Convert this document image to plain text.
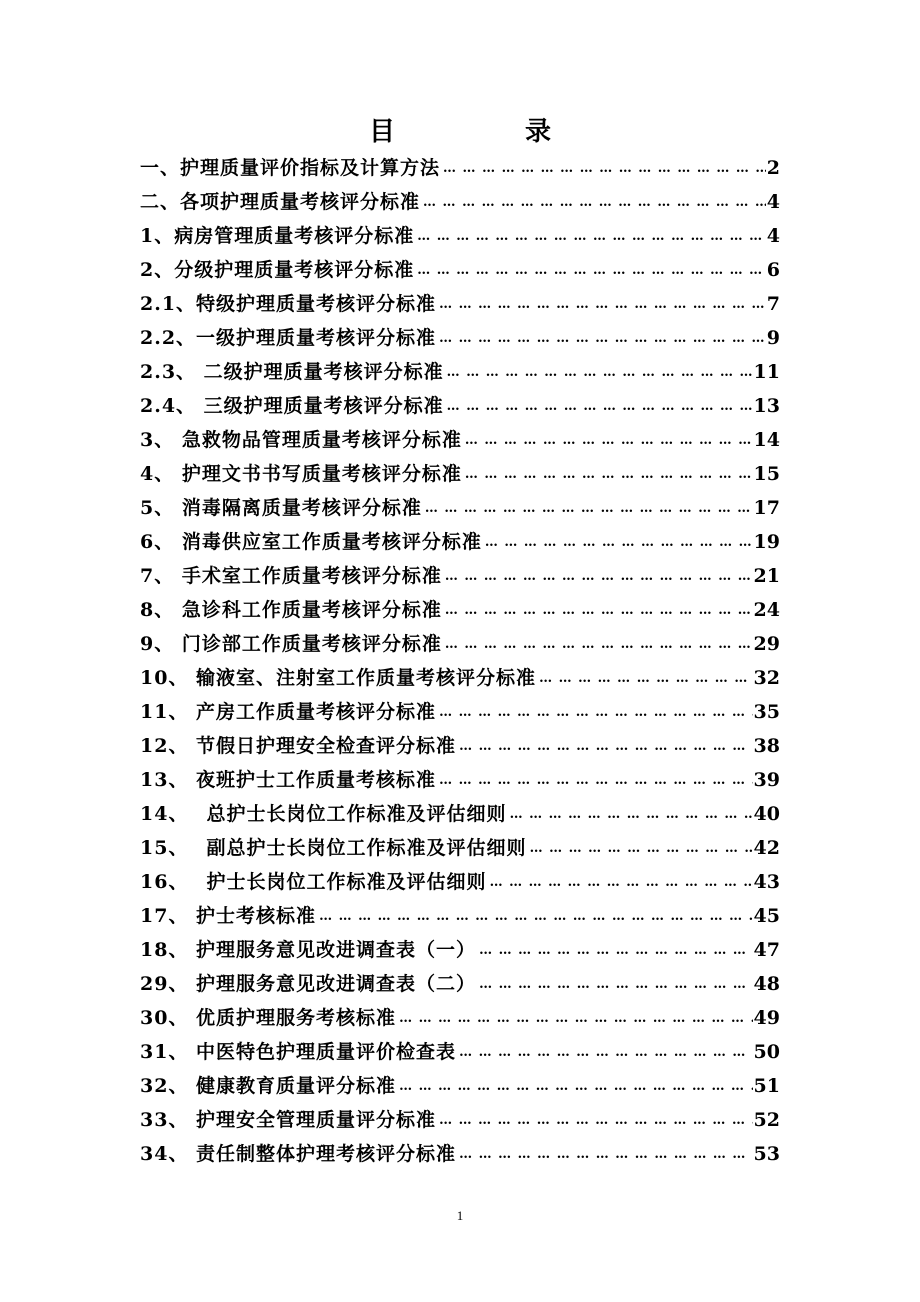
目　录
一、护理质量评价指标及计算方法 … … … … … … … … … … … … … … … … … … … … … … … … … … … … … … … … … … … … … … … … … … … … … … … … … … … … … … … … … … … …	2
二、各项护理质量考核评分标准 … … … … … … … … … … … … … … … … … … … … … … … … … … … … … … … … … … … … … … … … … … … … … … … … … … … … … … … … … … … …	4
1、病房管理质量考核评分标准 … … … … … … … … … … … … … … … … … … … … … … … … … … … … … … … … … … … … … … … … … … … … … … … … … … … … … … … … … … … …	4
2、分级护理质量考核评分标准 … … … … … … … … … … … … … … … … … … … … … … … … … … … … … … … … … … … … … … … … … … … … … … … … … … … … … … … … … … … …	6
2.1、特级护理质量考核评分标准 … … … … … … … … … … … … … … … … … … … … … … … … … … … … … … … … … … … … … … … … … … … … … … … … … … … … … … … … … … … …	7
2.2、一级护理质量考核评分标准 … … … … … … … … … … … … … … … … … … … … … … … … … … … … … … … … … … … … … … … … … … … … … … … … … … … … … … … … … … … …	9
2.3、 二级护理质量考核评分标准 … … … … … … … … … … … … … … … … … … … … … … … … … … … … … … … … … … … … … … … … … … … … … … … … … … … … … … … … … … … …	11
2.4、 三级护理质量考核评分标准 … … … … … … … … … … … … … … … … … … … … … … … … … … … … … … … … … … … … … … … … … … … … … … … … … … … … … … … … … … … …	13
3、 急救物品管理质量考核评分标准 … … … … … … … … … … … … … … … … … … … … … … … … … … … … … … … … … … … … … … … … … … … … … … … … … … … … … … … … … … … …	14
4、 护理文书书写质量考核评分标准 … … … … … … … … … … … … … … … … … … … … … … … … … … … … … … … … … … … … … … … … … … … … … … … … … … … … … … … … … … … …	15
5、 消毒隔离质量考核评分标准 … … … … … … … … … … … … … … … … … … … … … … … … … … … … … … … … … … … … … … … … … … … … … … … … … … … … … … … … … … … …	17
6、 消毒供应室工作质量考核评分标准 … … … … … … … … … … … … … … … … … … … … … … … … … … … … … … … … … … … … … … … … … … … … … … … … … … … … … … … … … … … …	19
7、 手术室工作质量考核评分标准 … … … … … … … … … … … … … … … … … … … … … … … … … … … … … … … … … … … … … … … … … … … … … … … … … … … … … … … … … … … …	21
8、 急诊科工作质量考核评分标准 … … … … … … … … … … … … … … … … … … … … … … … … … … … … … … … … … … … … … … … … … … … … … … … … … … … … … … … … … … … …	24
9、 门诊部工作质量考核评分标准 … … … … … … … … … … … … … … … … … … … … … … … … … … … … … … … … … … … … … … … … … … … … … … … … … … … … … … … … … … … …	29
10、 输液室、注射室工作质量考核评分标准 … … … … … … … … … … … … … … … … … … … … … … … … … … … … … … … … … … … … … … … … … … … … … … … … … … … … … … … … … … … …	32
11、 产房工作质量考核评分标准 … … … … … … … … … … … … … … … … … … … … … … … … … … … … … … … … … … … … … … … … … … … … … … … … … … … … … … … … … … … …	35
12、 节假日护理安全检查评分标准 … … … … … … … … … … … … … … … … … … … … … … … … … … … … … … … … … … … … … … … … … … … … … … … … … … … … … … … … … … … …	38
13、 夜班护士工作质量考核标准 … … … … … … … … … … … … … … … … … … … … … … … … … … … … … … … … … … … … … … … … … … … … … … … … … … … … … … … … … … … …	39
14、　 总护士长岗位工作标准及评估细则 … … … … … … … … … … … … … … … … … … … … … … … … … … … … … … … … … … … … … … … … … … … … … … … … … … … … … … … … … … … …	40
15、　 副总护士长岗位工作标准及评估细则 … … … … … … … … … … … … … … … … … … … … … … … … … … … … … … … … … … … … … … … … … … … … … … … … … … … … … … … … … … … …	42
16、　 护士长岗位工作标准及评估细则 … … … … … … … … … … … … … … … … … … … … … … … … … … … … … … … … … … … … … … … … … … … … … … … … … … … … … … … … … … … …	43
17、 护士考核标准 … … … … … … … … … … … … … … … … … … … … … … … … … … … … … … … … … … … … … … … … … … … … … … … … … … … … … … … … … … … …	45
18、 护理服务意见改进调查表（一） … … … … … … … … … … … … … … … … … … … … … … … … … … … … … … … … … … … … … … … … … … … … … … … … … … … … … … … … … … … …	47
29、 护理服务意见改进调查表（二） … … … … … … … … … … … … … … … … … … … … … … … … … … … … … … … … … … … … … … … … … … … … … … … … … … … … … … … … … … … …	48
30、 优质护理服务考核标准 … … … … … … … … … … … … … … … … … … … … … … … … … … … … … … … … … … … … … … … … … … … … … … … … … … … … … … … … … … … …	49
31、 中医特色护理质量评价检查表 … … … … … … … … … … … … … … … … … … … … … … … … … … … … … … … … … … … … … … … … … … … … … … … … … … … … … … … … … … … …	50
32、 健康教育质量评分标准 … … … … … … … … … … … … … … … … … … … … … … … … … … … … … … … … … … … … … … … … … … … … … … … … … … … … … … … … … … … …	51
33、 护理安全管理质量评分标准 … … … … … … … … … … … … … … … … … … … … … … … … … … … … … … … … … … … … … … … … … … … … … … … … … … … … … … … … … … … …	52
34、 责任制整体护理考核评分标准 … … … … … … … … … … … … … … … … … … … … … … … … … … … … … … … … … … … … … … … … … … … … … … … … … … … … … … … … … … … …	53
1
